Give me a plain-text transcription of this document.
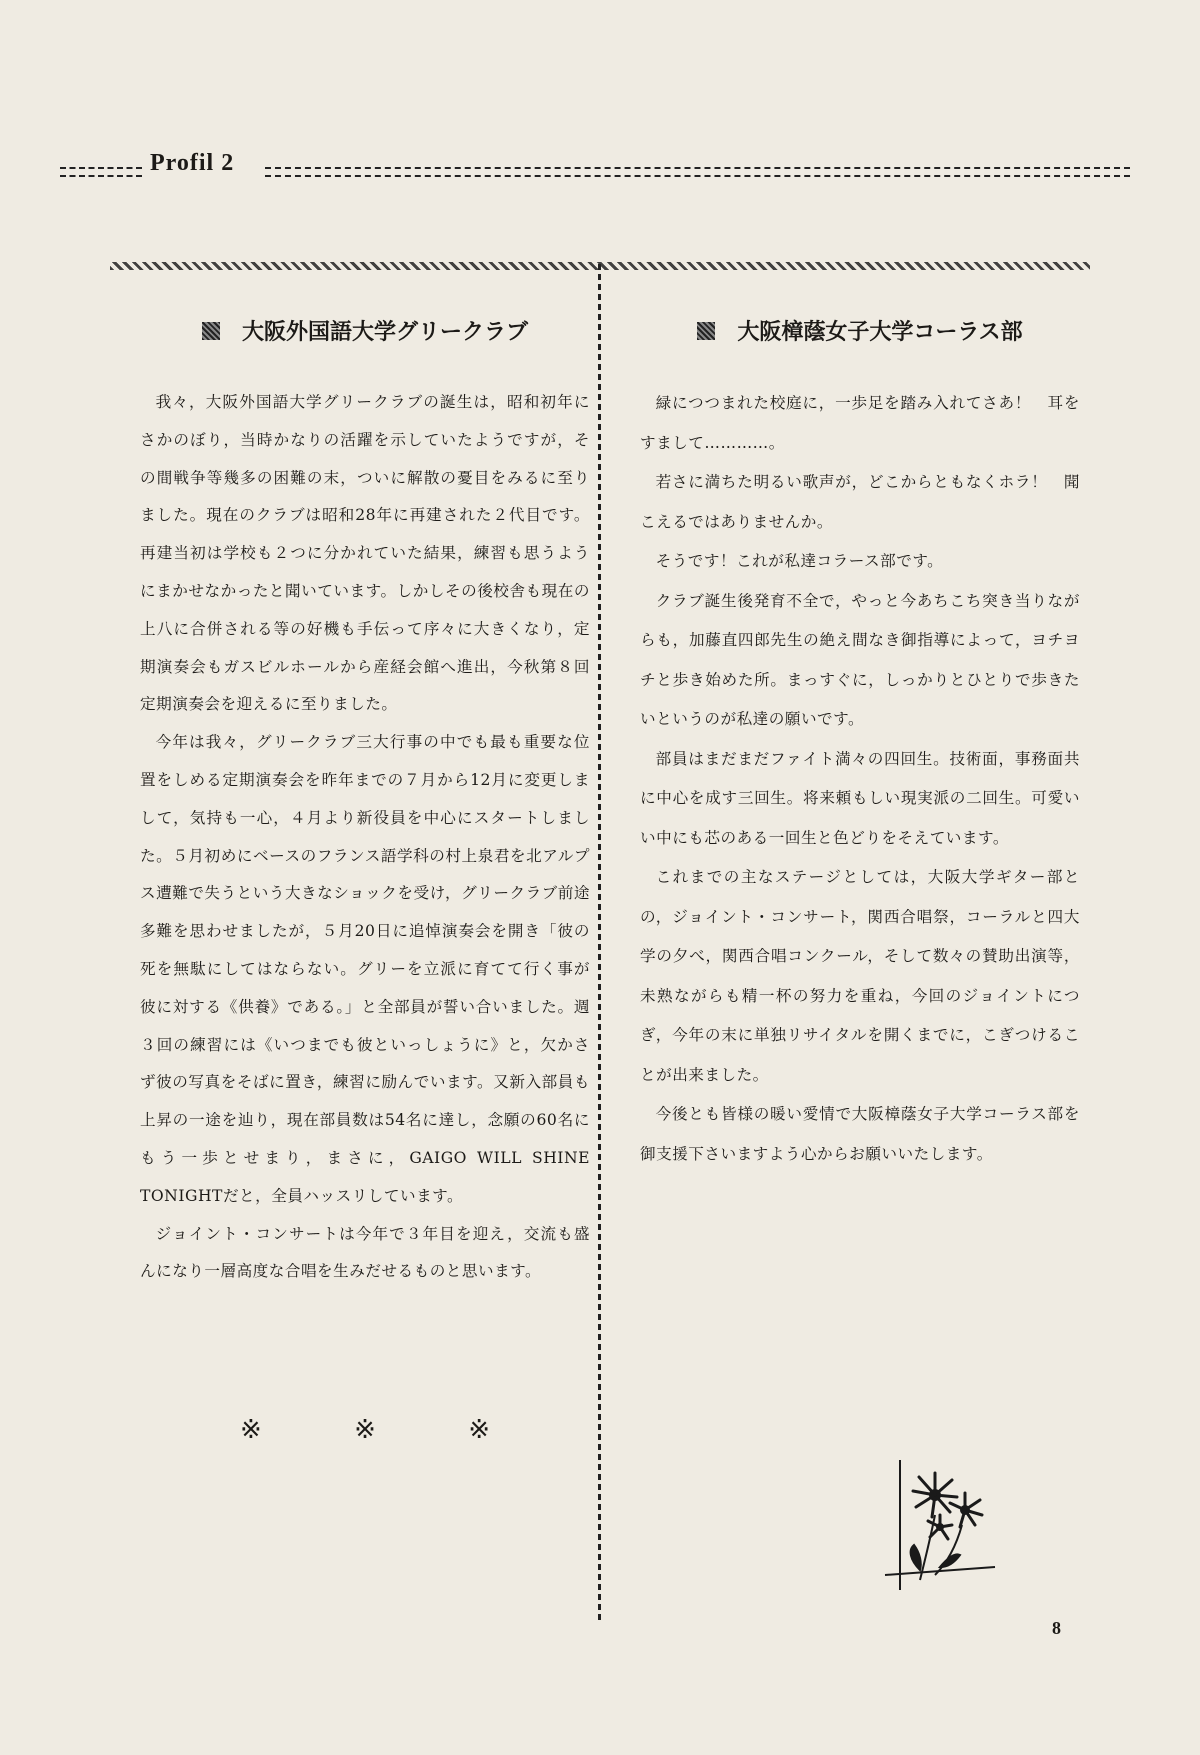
Profil 2
大阪外国語大学グリークラブ

我々，大阪外国語大学グリークラブの誕生は，昭和初年にさかのぼり，当時かなりの活躍を示していたようですが，その間戦争等幾多の困難の末，ついに解散の憂目をみるに至りました。現在のクラブは昭和28年に再建された２代目です。再建当初は学校も２つに分かれていた結果，練習も思うようにまかせなかったと聞いています。しかしその後校舎も現在の上八に合併される等の好機も手伝って序々に大きくなり，定期演奏会もガスビルホールから産経会館へ進出，今秋第８回定期演奏会を迎えるに至りました。

今年は我々，グリークラブ三大行事の中でも最も重要な位置をしめる定期演奏会を昨年までの７月から12月に変更しまして，気持も一心，４月より新役員を中心にスタートしました。５月初めにベースのフランス語学科の村上泉君を北アルプス遭難で失うという大きなショックを受け，グリークラブ前途多難を思わせましたが，５月20日に追悼演奏会を開き「彼の死を無駄にしてはならない。グリーを立派に育てて行く事が彼に対する《供養》である。」と全部員が誓い合いました。週３回の練習には《いつまでも彼といっしょうに》と，欠かさず彼の写真をそばに置き，練習に励んでいます。又新入部員も上昇の一途を辿り，現在部員数は54名に達し，念願の60名にもう一歩とせまり，まさに，GAIGO WILL SHINE TONIGHTだと，全員ハッスリしています。

ジョイント・コンサートは今年で３年目を迎え，交流も盛んになり一層高度な合唱を生みだせるものと思います。

※	※	※
大阪樟蔭女子大学コーラス部

緑につつまれた校庭に，一歩足を踏み入れてさあ！　耳をすまして…………。

若さに満ちた明るい歌声が，どこからともなくホラ！　聞こえるではありませんか。

そうです！これが私達コラース部です。

クラブ誕生後発育不全で，やっと今あちこち突き当りながらも，加藤直四郎先生の絶え間なき御指導によって，ヨチヨチと歩き始めた所。まっすぐに，しっかりとひとりで歩きたいというのが私達の願いです。

部員はまだまだファイト満々の四回生。技術面，事務面共に中心を成す三回生。将来頼もしい現実派の二回生。可愛いい中にも芯のある一回生と色どりをそえています。

これまでの主なステージとしては，大阪大学ギター部との，ジョイント・コンサート，関西合唱祭，コーラルと四大学の夕べ，関西合唱コンクール，そして数々の賛助出演等，未熟ながらも精一杯の努力を重ね，今回のジョイントにつぎ，今年の末に単独リサイタルを開くまでに，こぎつけることが出来ました。

今後とも皆様の暖い愛情で大阪樟蔭女子大学コーラス部を御支援下さいますよう心からお願いいたします。

8
